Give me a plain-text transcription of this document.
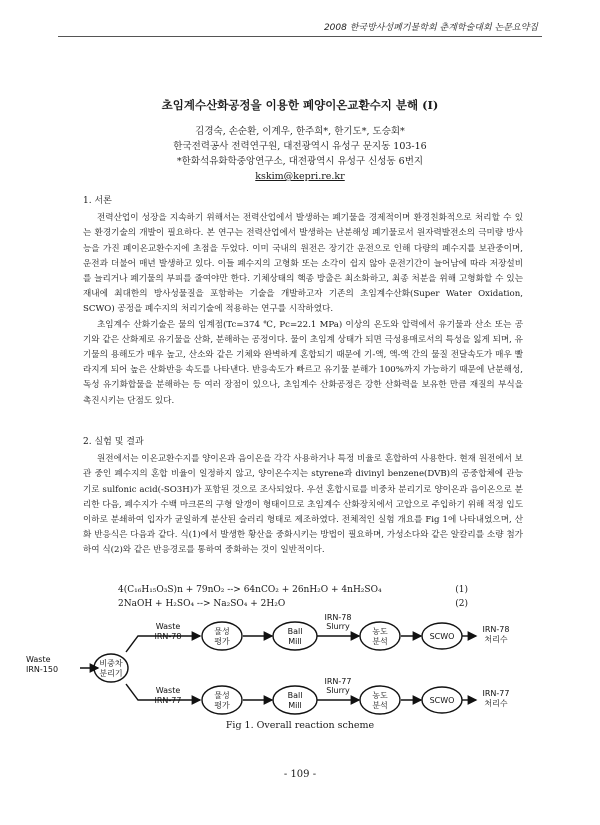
2008 한국방사성폐기물학회 춘계학술대회 논문요약집
초임계수산화공정을 이용한 폐양이온교환수지 분해 (I)
김경숙, 손순환, 이계우, 한주희*, 한기도*, 도승회*
한국전력공사 전력연구원, 대전광역시 유성구 문지동 103-16
*한화석유화학중앙연구소, 대전광역시 유성구 신성동 6번지
kskim@kepri.re.kr
1. 서론

전력산업이 성장을 지속하기 위해서는 전력산업에서 발생하는 폐기물을 경제적이며 환경친화적으로 처리할 수 있는 환경기술의 개발이 필요하다. 본 연구는 전력산업에서 발생하는 난분해성 폐기물로서 원자력발전소의 극미량 방사능을 가진 폐이온교환수지에 초점을 두었다. 이미 국내의 원전은 장기간 운전으로 인해 다량의 폐수지를 보관중이며, 운전과 더불어 매년 발생하고 있다. 이들 폐수지의 고형화 또는 소각이 쉽지 않아 운전기간이 늘어남에 따라 저장설비를 늘리거나 폐기물의 부피를 줄여야만 한다. 기체상태의 핵종 방출은 최소화하고, 최종 처분을 위해 고형화할 수 있는 재내에 최대한의 방사성물질을 포함하는 기술을 개발하고자 기존의 초임계수산화(Super Water Oxidation, SCWO) 공정을 폐수지의 처리기술에 적용하는 연구를 시작하였다.

초임계수 산화기술은 물의 임계점(Tc=374 ℃, Pc=22.1 MPa) 이상의 온도와 압력에서 유기물과 산소 또는 공기와 같은 산화제로 유기물을 산화, 분해하는 공정이다. 물이 초임계 상태가 되면 극성용매로서의 특성을 잃게 되며, 유기물의 용해도가 매우 높고, 산소와 같은 기체와 완벽하게 혼합되기 때문에 기-액, 액-액 간의 물질 전달속도가 매우 빨라지게 되어 높은 산화반응 속도를 나타낸다. 반응속도가 빠르고 유기물 분해가 100%까지 가능하기 때문에 난분해성, 독성 유기화합물을 분해하는 등 여러 장점이 있으나, 초임계수 산화공정은 강한 산화력을 보유한 만큼 재질의 부식을 촉진시키는 단점도 있다.

2. 실험 및 결과

원전에서는 이온교환수지를 양이온과 음이온을 각각 사용하거나 특정 비율로 혼합하여 사용한다. 현재 원전에서 보관 중인 폐수지의 혼합 비율이 일정하지 않고, 양이온수지는 styrene과 divinyl benzene(DVB)의 공중합체에 관능기로 sulfonic acid(-SO3H)가 포함된 것으로 조사되었다. 우선 혼합시료를 비중차 분리기로 양이온과 음이온으로 분리한 다음, 폐수지가 수백 마크론의 구형 알갱이 형태이므로 초임계수 산화장치에서 고압으로 주입하기 위해 적정 입도 이하로 분쇄하여 입자가 균일하게 분산된 슬러리 형태로 제조하였다. 전체적인 실험 개요를 Fig 1에 나타내었으며, 산화 반응식은 다음과 같다. 식(1)에서 발생한 황산을 중화시키는 방법이 필요하며, 가성소다와 같은 알칼리를 소량 첨가하여 식(2)와 같은 반응경로를 통하여 중화하는 것이 일반적이다.

4(C₁₆H₁₅O₃S)n + 79nO₂ --> 64nCO₂ + 26nH₂O + 4nH₂SO₄	(1)
2NaOH + H₂SO₄ --> Na₂SO₄ + 2H₂O	(2)
Waste
IRN-150
비중차
분리기
Waste
IRN-78
Waste
IRN-77
물성
평가
물성
평가
Ball
Mill
Ball
Mill
IRN-78
Slurry
IRN-77
Slurry
농도
분석
농도
분석
SCWO
SCWO
IRN-78
처리수
IRN-77
처리수
Fig 1. Overall reaction scheme
- 109 -
